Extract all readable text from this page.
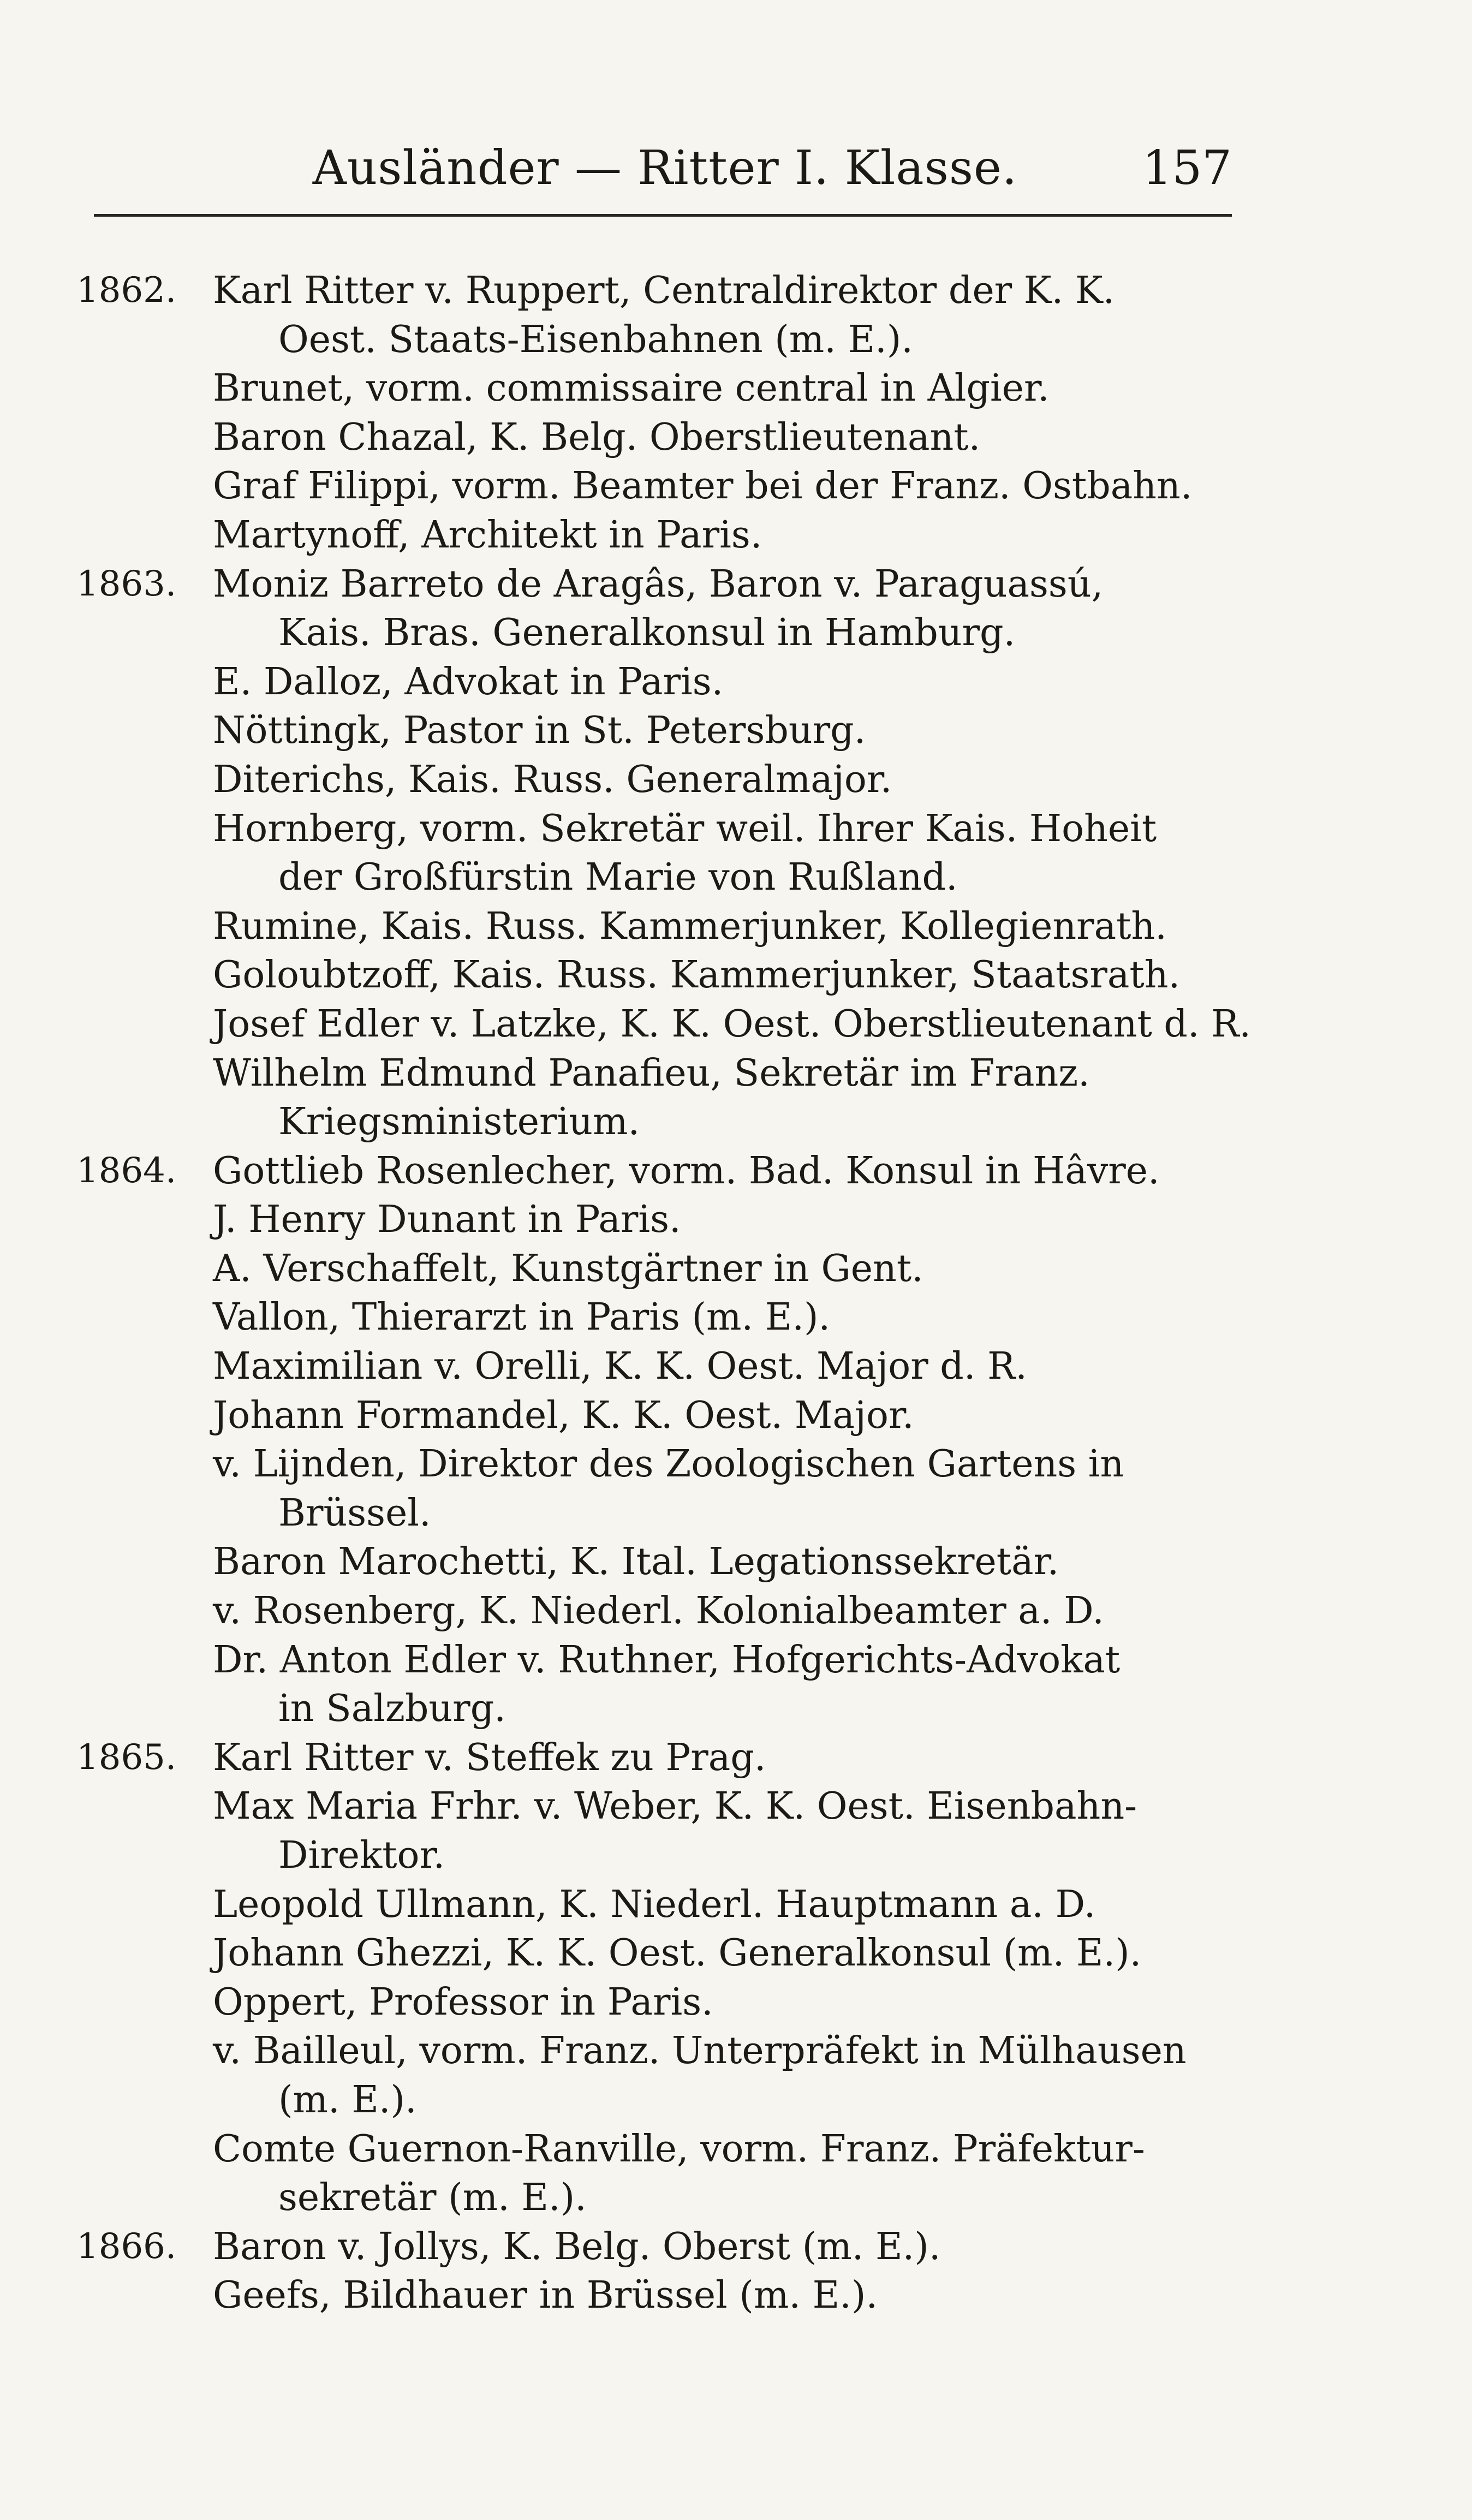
Ausländer — Ritter I. Klasse.	157
1862. Karl Ritter v. Ruppert, Centraldirektor der K. K.
Oest. Staats-Eisenbahnen (m. E.).
Brunet, vorm. commissaire central in Algier.
Baron Chazal, K. Belg. Oberstlieutenant.
Graf Filippi, vorm. Beamter bei der Franz. Ostbahn.
Martynoff, Architekt in Paris.
1863. Moniz Barreto de Aragâs, Baron v. Paraguassú,
Kais. Bras. Generalkonsul in Hamburg.
E. Dalloz, Advokat in Paris.
Nöttingk, Pastor in St. Petersburg.
Diterichs, Kais. Russ. Generalmajor.
Hornberg, vorm. Sekretär weil. Ihrer Kais. Hoheit
der Großfürstin Marie von Rußland.
Rumine, Kais. Russ. Kammerjunker, Kollegienrath.
Goloubtzoff, Kais. Russ. Kammerjunker, Staatsrath.
Josef Edler v. Latzke, K. K. Oest. Oberstlieutenant d. R.
Wilhelm Edmund Panafieu, Sekretär im Franz.
Kriegsministerium.
1864. Gottlieb Rosenlecher, vorm. Bad. Konsul in Hâvre.
J. Henry Dunant in Paris.
A. Verschaffelt, Kunstgärtner in Gent.
Vallon, Thierarzt in Paris (m. E.).
Maximilian v. Orelli, K. K. Oest. Major d. R.
Johann Formandel, K. K. Oest. Major.
v. Lijnden, Direktor des Zoologischen Gartens in
Brüssel.
Baron Marochetti, K. Ital. Legationssekretär.
v. Rosenberg, K. Niederl. Kolonialbeamter a. D.
Dr. Anton Edler v. Ruthner, Hofgerichts-Advokat
in Salzburg.
1865. Karl Ritter v. Steffek zu Prag.
Max Maria Frhr. v. Weber, K. K. Oest. Eisenbahn-
Direktor.
Leopold Ullmann, K. Niederl. Hauptmann a. D.
Johann Ghezzi, K. K. Oest. Generalkonsul (m. E.).
Oppert, Professor in Paris.
v. Bailleul, vorm. Franz. Unterpräfekt in Mülhausen
(m. E.).
Comte Guernon-Ranville, vorm. Franz. Präfektur-
sekretär (m. E.).
1866. Baron v. Jollys, K. Belg. Oberst (m. E.).
Geefs, Bildhauer in Brüssel (m. E.).
